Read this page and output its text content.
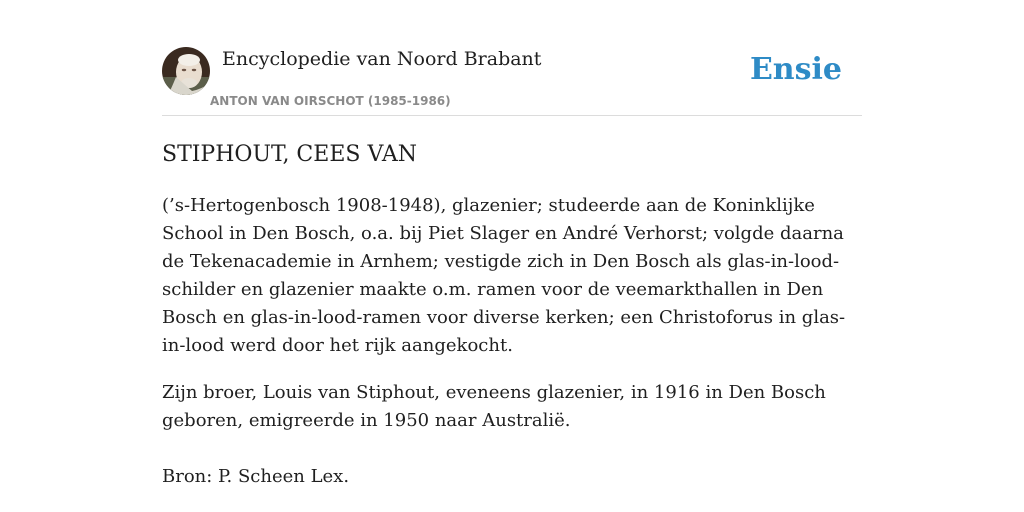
Encyclopedie van Noord Brabant
ANTON VAN OIRSCHOT (1985-1986)
Ensie
STIPHOUT, CEES VAN

(’s-Hertogenbosch 1908-1948), glazenier; studeerde aan de Koninklijke School in Den Bosch, o.a. bij Piet Slager en André Verhorst; volgde daarna de Tekenacademie in Arnhem; vestigde zich in Den Bosch als glas-in-lood-schilder en glazenier maakte o.m. ramen voor de veemarkthallen in Den Bosch en glas-in-lood-ramen voor diverse kerken; een Christoforus in glas-in-lood werd door het rijk aangekocht.

Zijn broer, Louis van Stiphout, eveneens glazenier, in 1916 in Den Bosch geboren, emigreerde in 1950 naar Australië.

Bron: P. Scheen Lex.
